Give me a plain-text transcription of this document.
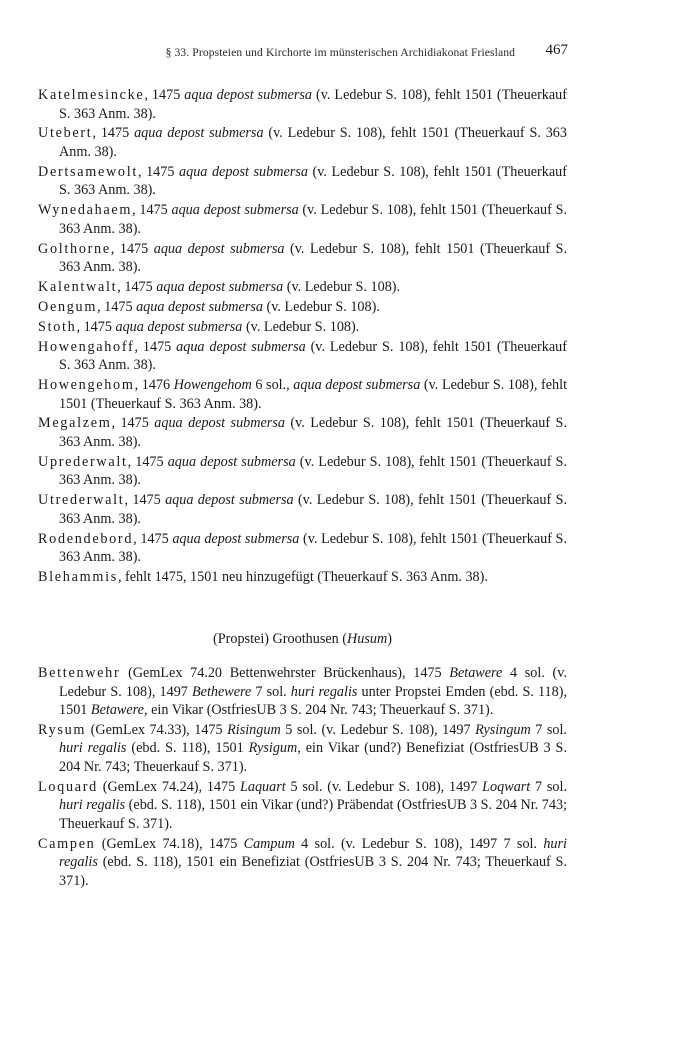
§ 33. Propsteien und Kirchorte im münsterischen Archidiakonat Friesland 467

Katelmesincke, 1475 aqua depost submersa (v. Ledebur S. 108), fehlt 1501 (Theuerkauf S. 363 Anm. 38).

Utebert, 1475 aqua depost submersa (v. Ledebur S. 108), fehlt 1501 (Theuerkauf S. 363 Anm. 38).

Dertsamewolt, 1475 aqua depost submersa (v. Ledebur S. 108), fehlt 1501 (Theuerkauf S. 363 Anm. 38).

Wynedahaem, 1475 aqua depost submersa (v. Ledebur S. 108), fehlt 1501 (Theuerkauf S. 363 Anm. 38).

Golthorne, 1475 aqua depost submersa (v. Ledebur S. 108), fehlt 1501 (Theuerkauf S. 363 Anm. 38).

Kalentwalt, 1475 aqua depost submersa (v. Ledebur S. 108).

Oengum, 1475 aqua depost submersa (v. Ledebur S. 108).

Stoth, 1475 aqua depost submersa (v. Ledebur S. 108).

Howengahoff, 1475 aqua depost submersa (v. Ledebur S. 108), fehlt 1501 (Theuerkauf S. 363 Anm. 38).

Howengehom, 1476 Howengehom 6 sol., aqua depost submersa (v. Ledebur S. 108), fehlt 1501 (Theuerkauf S. 363 Anm. 38).

Megalzem, 1475 aqua depost submersa (v. Ledebur S. 108), fehlt 1501 (Theuerkauf S. 363 Anm. 38).

Uprederwalt, 1475 aqua depost submersa (v. Ledebur S. 108), fehlt 1501 (Theuerkauf S. 363 Anm. 38).

Utrederwalt, 1475 aqua depost submersa (v. Ledebur S. 108), fehlt 1501 (Theuerkauf S. 363 Anm. 38).

Rodendebord, 1475 aqua depost submersa (v. Ledebur S. 108), fehlt 1501 (Theuerkauf S. 363 Anm. 38).

Blehammis, fehlt 1475, 1501 neu hinzugefügt (Theuerkauf S. 363 Anm. 38).

(Propstei) Groothusen (Husum)

Bettenwehr (GemLex 74.20 Bettenwehrster Brückenhaus), 1475 Betawere 4 sol. (v. Ledebur S. 108), 1497 Bethewere 7 sol. huri regalis unter Propstei Emden (ebd. S. 118), 1501 Betawere, ein Vikar (OstfriesUB 3 S. 204 Nr. 743; Theuerkauf S. 371).

Rysum (GemLex 74.33), 1475 Risingum 5 sol. (v. Ledebur S. 108), 1497 Rysingum 7 sol. huri regalis (ebd. S. 118), 1501 Rysigum, ein Vikar (und?) Benefiziat (OstfriesUB 3 S. 204 Nr. 743; Theuerkauf S. 371).

Loquard (GemLex 74.24), 1475 Laquart 5 sol. (v. Ledebur S. 108), 1497 Loqwart 7 sol. huri regalis (ebd. S. 118), 1501 ein Vikar (und?) Präbendat (OstfriesUB 3 S. 204 Nr. 743; Theuerkauf S. 371).

Campen (GemLex 74.18), 1475 Campum 4 sol. (v. Ledebur S. 108), 1497 7 sol. huri regalis (ebd. S. 118), 1501 ein Benefiziat (OstfriesUB 3 S. 204 Nr. 743; Theuerkauf S. 371).
